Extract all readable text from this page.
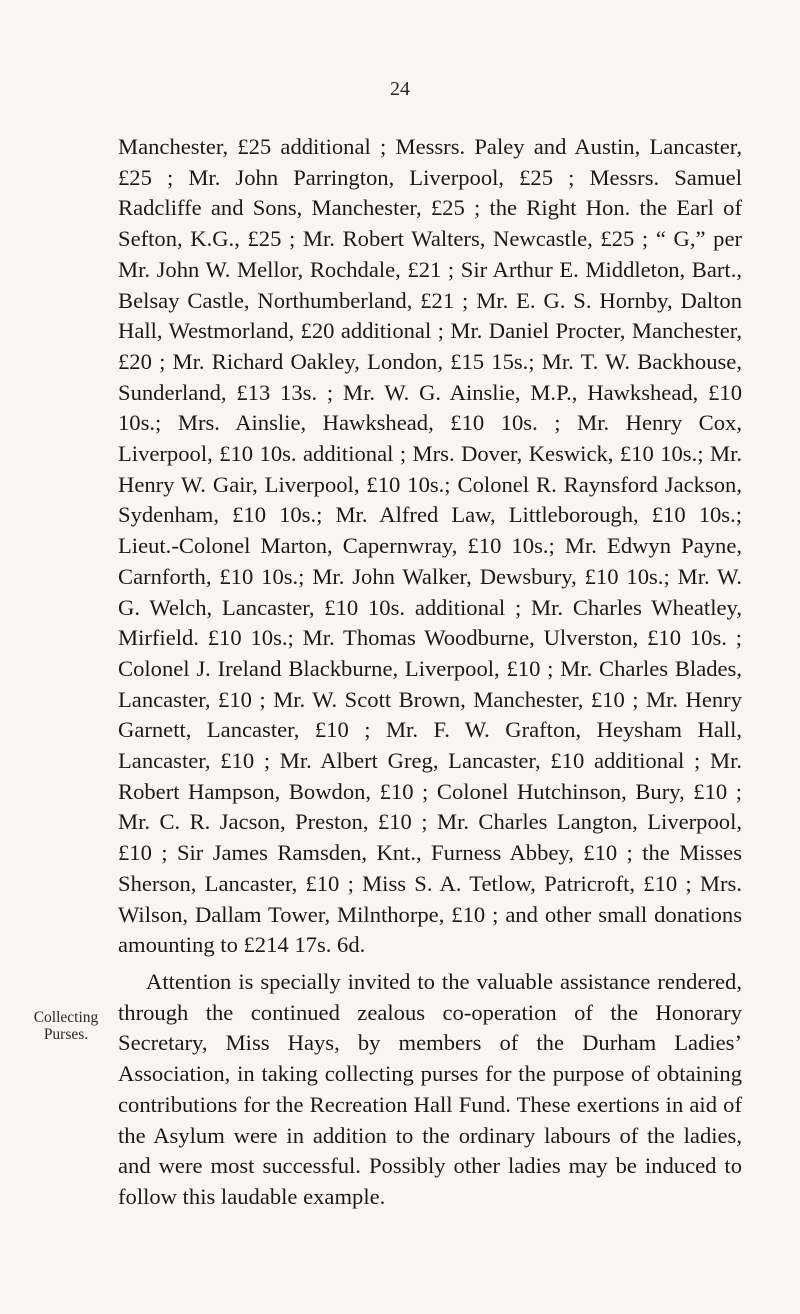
24
Collecting
Purses.

Manchester, £25 additional ; Messrs. Paley and Austin, Lancaster, £25 ; Mr. John Parrington, Liverpool, £25 ; Messrs. Samuel Radcliffe and Sons, Manchester, £25 ; the Right Hon. the Earl of Sefton, K.G., £25 ; Mr. Robert Walters, Newcastle, £25 ; “ G,” per Mr. John W. Mellor, Rochdale, £21 ; Sir Arthur E. Middleton, Bart., Belsay Castle, Northumberland, £21 ; Mr. E. G. S. Hornby, Dalton Hall, Westmorland, £20 additional ; Mr. Daniel Procter, Manchester, £20 ; Mr. Richard Oakley, London, £15 15s.; Mr. T. W. Backhouse, Sunderland, £13 13s. ; Mr. W. G. Ainslie, M.P., Hawkshead, £10 10s.; Mrs. Ainslie, Hawkshead, £10 10s. ; Mr. Henry Cox, Liverpool, £10 10s. additional ; Mrs. Dover, Keswick, £10 10s.; Mr. Henry W. Gair, Liverpool, £10 10s.; Colonel R. Raynsford Jackson, Sydenham, £10 10s.; Mr. Alfred Law, Littleborough, £10 10s.; Lieut.-Colonel Marton, Capernwray, £10 10s.; Mr. Edwyn Payne, Carnforth, £10 10s.; Mr. John Walker, Dewsbury, £10 10s.; Mr. W. G. Welch, Lancaster, £10 10s. additional ; Mr. Charles Wheatley, Mirfield. £10 10s.; Mr. Thomas Woodburne, Ulverston, £10 10s. ; Colonel J. Ireland Blackburne, Liverpool, £10 ; Mr. Charles Blades, Lancaster, £10 ; Mr. W. Scott Brown, Manchester, £10 ; Mr. Henry Garnett, Lancaster, £10 ; Mr. F. W. Grafton, Heysham Hall, Lancaster, £10 ; Mr. Albert Greg, Lancaster, £10 additional ; Mr. Robert Hampson, Bowdon, £10 ; Colonel Hutchinson, Bury, £10 ; Mr. C. R. Jacson, Preston, £10 ; Mr. Charles Langton, Liverpool, £10 ; Sir James Ramsden, Knt., Furness Abbey, £10 ; the Misses Sherson, Lancaster, £10 ; Miss S. A. Tetlow, Patricroft, £10 ; Mrs. Wilson, Dallam Tower, Milnthorpe, £10 ; and other small donations amounting to £214 17s. 6d.

Attention is specially invited to the valuable assistance rendered, through the continued zealous co-operation of the Honorary Secretary, Miss Hays, by members of the Durham Ladies’ Association, in taking collecting purses for the purpose of obtaining contributions for the Recreation Hall Fund. These exertions in aid of the Asylum were in addition to the ordinary labours of the ladies, and were most successful. Possibly other ladies may be induced to follow this laudable example.
